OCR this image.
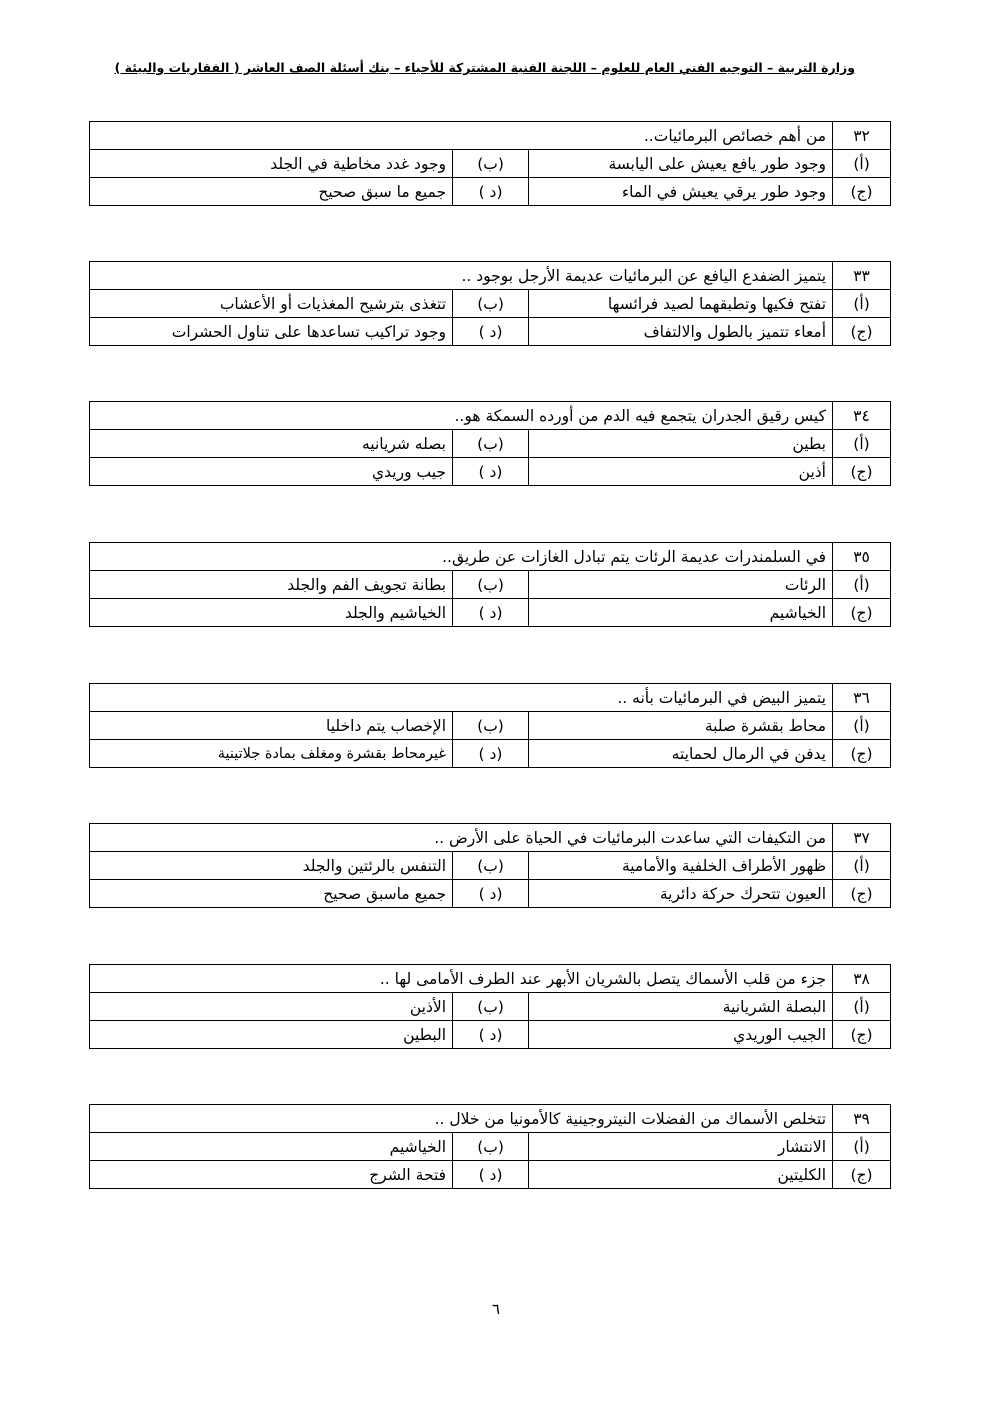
وزارة التربية – التوجيه الفني العام للعلوم – اللجنة الفنية المشتركة للأحياء – بنك أسئلة الصف العاشر ( الفقاريات والبيئة )
٣٢	من أهم خصائص البرمائيات..		
(أ)	وجود طور يافع يعيش على اليابسة	(ب)	وجود غدد مخاطية في الجلد
(ج)	وجود طور يرقي يعيش في الماء	(د )	جميع ما سبق صحيح
٣٣	يتميز الضفدع اليافع عن البرمائيات عديمة الأرجل بوجود ..		
(أ)	تفتح فكيها وتطبقهما لصيد فرائسها	(ب)	تتغذى بترشيح المغذيات أو الأعشاب
(ج)	أمعاء تتميز بالطول والالتفاف	(د )	وجود تراكيب تساعدها على تناول الحشرات
٣٤	كيس رقيق الجدران يتجمع فيه الدم من أورده السمكة هو..		
(أ)	بطين	(ب)	بصله شريانيه
(ج)	أذين	(د )	جيب وريدي
٣٥	في السلمندرات عديمة الرئات يتم تبادل الغازات عن طريق..		
(أ)	الرئات	(ب)	بطانة تجويف الفم والجلد
(ج)	الخياشيم	(د )	الخياشيم والجلد
٣٦	يتميز البيض في البرمائيات بأنه ..		
(أ)	محاط بقشرة صلبة	(ب)	الإخصاب يتم داخليا
(ج)	يدفن في الرمال لحمايته	(د )	غيرمحاط بقشرة ومغلف بمادة جلاتينية
٣٧	من التكيفات التي ساعدت البرمائيات في الحياة على الأرض ..		
(أ)	ظهور الأطراف الخلفية والأمامية	(ب)	التنفس بالرئتين والجلد
(ج)	العيون تتحرك حركة دائرية	(د )	جميع ماسبق صحيح
٣٨	جزء من قلب الأسماك يتصل بالشريان الأبهر عند الطرف الأمامى لها ..		
(أ)	البصلة الشريانية	(ب)	الأذين
(ج)	الجيب الوريدي	(د )	البطين
٣٩	تتخلص الأسماك من الفضلات النيتروجينية كالأمونيا من خلال ..		
(أ)	الانتشار	(ب)	الخياشيم
(ج)	الكليتين	(د )	فتحة الشرج
٦
